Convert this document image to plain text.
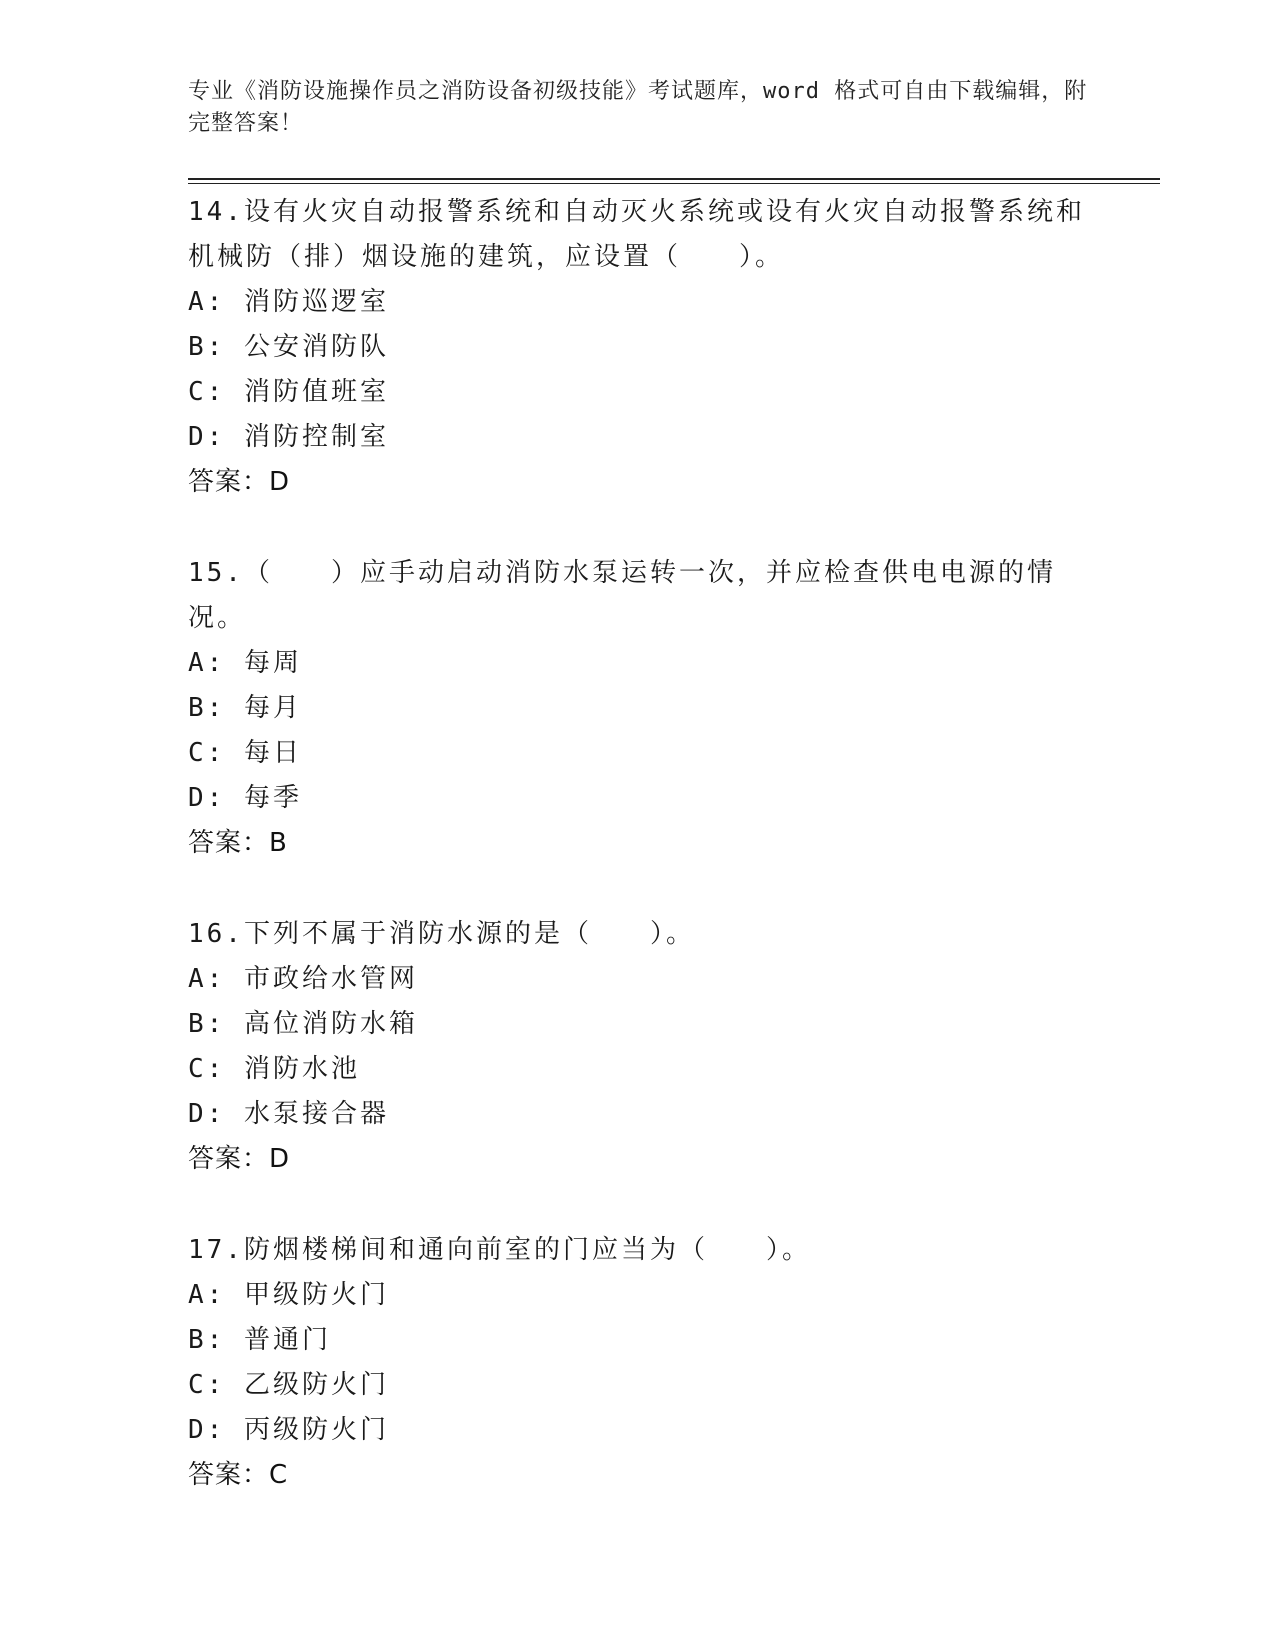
专业《消防设施操作员之消防设备初级技能》考试题库，word 格式可自由下载编辑，附完整答案！
14.设有火灾自动报警系统和自动灭火系统或设有火灾自动报警系统和机械防（排）烟设施的建筑，应设置（　　）。
A: 消防巡逻室
B: 公安消防队
C: 消防值班室
D: 消防控制室
答案：D
15.（　　）应手动启动消防水泵运转一次，并应检查供电电源的情况。
A: 每周
B: 每月
C: 每日
D: 每季
答案：B
16.下列不属于消防水源的是（　　）。
A: 市政给水管网
B: 高位消防水箱
C: 消防水池
D: 水泵接合器
答案：D
17.防烟楼梯间和通向前室的门应当为（　　）。
A: 甲级防火门
B: 普通门
C: 乙级防火门
D: 丙级防火门
答案：C
